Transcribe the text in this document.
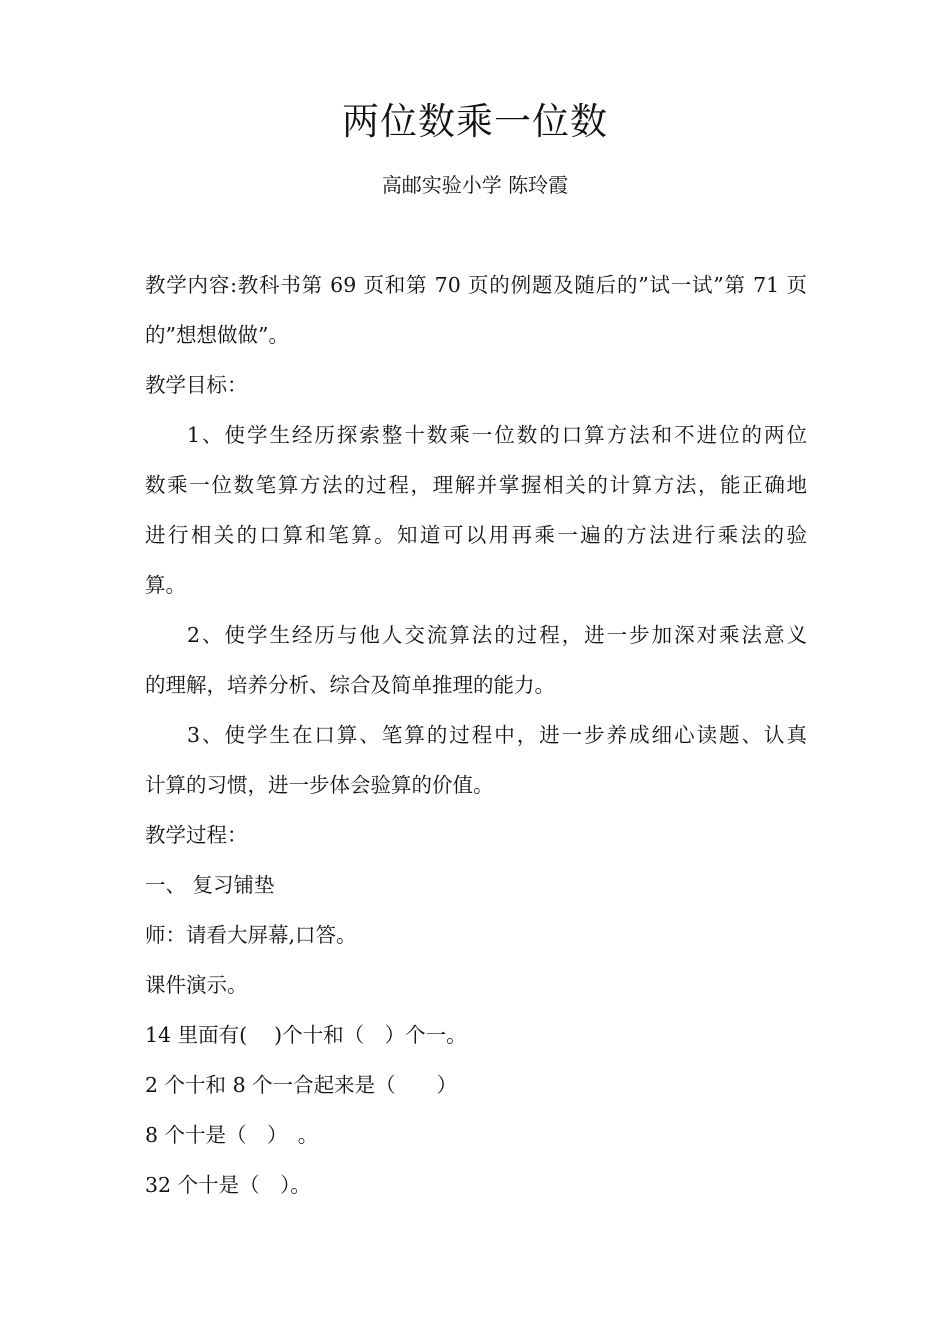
两位数乘一位数
高邮实验小学 陈玲霞
教学内容:教科书第 69 页和第 70 页的例题及随后的”试一试”第 71 页
的”想想做做”。
教学目标：
1、使学生经历探索整十数乘一位数的口算方法和不进位的两位
数乘一位数笔算方法的过程，理解并掌握相关的计算方法，能正确地
进行相关的口算和笔算。知道可以用再乘一遍的方法进行乘法的验
算。
2、使学生经历与他人交流算法的过程，进一步加深对乘法意义
的理解，培养分析、综合及简单推理的能力。
3、使学生在口算、笔算的过程中，进一步养成细心读题、认真
计算的习惯，进一步体会验算的价值。
教学过程：
一、 复习铺垫
师：请看大屏幕,口答。
课件演示。
14 里面有(　 )个十和（　）个一。
2 个十和 8 个一合起来是（　　）
8 个十是（　）　。
32 个十是（　）。
